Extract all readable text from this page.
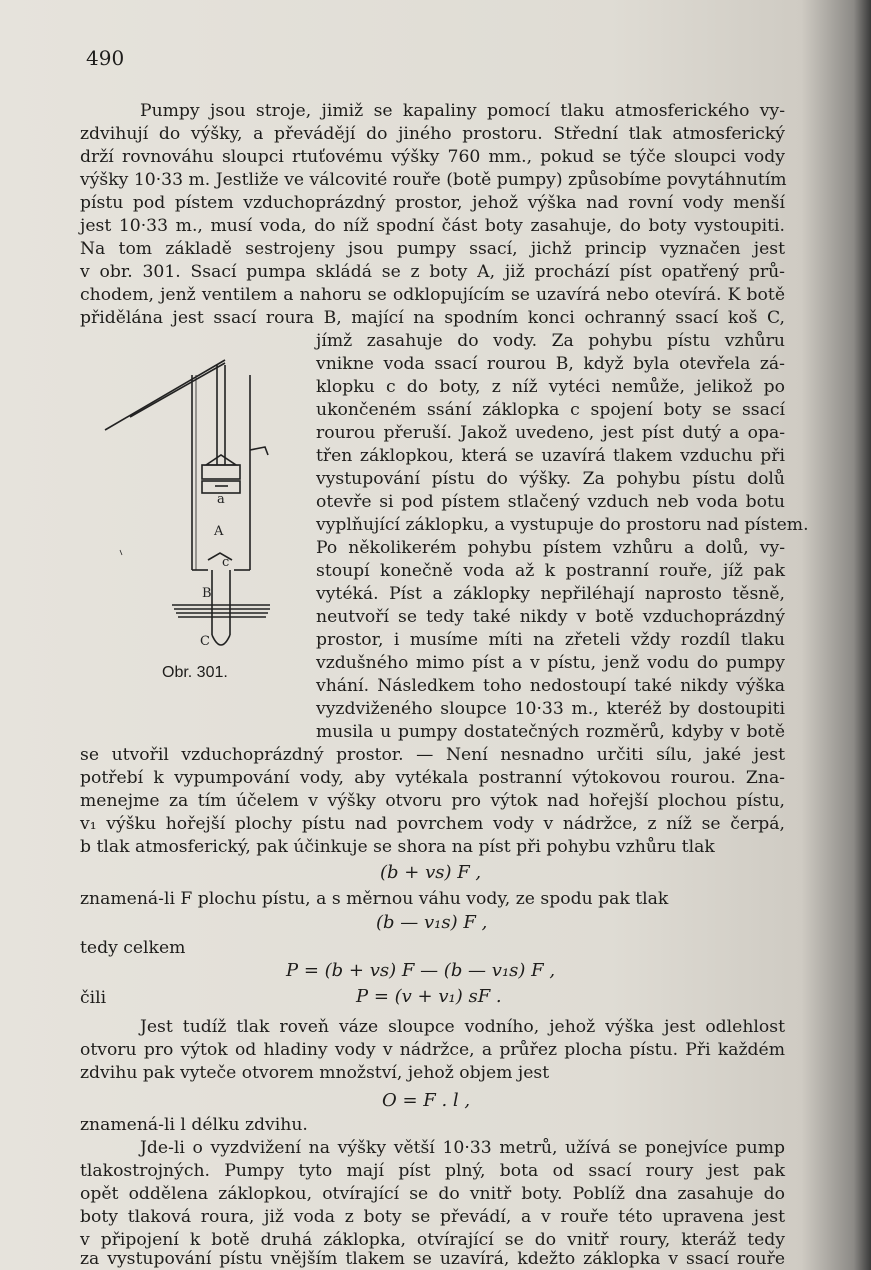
490
Pumpy jsou stroje, jimiž se kapaliny pomocí tlaku atmosferického vy-
zdvihují do výšky, a převádějí do jiného prostoru. Střední tlak atmosferický
drží rovnováhu sloupci rtuťovému výšky 760 mm., pokud se týče sloupci vody
výšky 10·33 m. Jestliže ve válcovité rouře (botě pumpy) způsobíme povytáhnutím
pístu pod pístem vzduchoprázdný prostor, jehož výška nad rovní vody menší
jest 10·33 m., musí voda, do níž spodní část boty zasahuje, do boty vystoupiti.
Na tom základě sestrojeny jsou pumpy ssací, jichž princip vyznačen jest
v obr. 301. Ssací pumpa skládá se z boty A, již prochází píst opatřený prů-
chodem, jenž ventilem a nahoru se odklopujícím se uzavírá nebo otevírá. K botě
přidělána jest ssací roura B, mající na spodním konci ochranný ssací koš C,
jímž zasahuje do vody. Za pohybu pístu vzhůru
vnikne voda ssací rourou B, když byla otevřela zá-
klopku c do boty, z níž vytéci nemůže, jelikož po
ukončeném ssání záklopka c spojení boty se ssací
rourou přeruší. Jakož uvedeno, jest píst dutý a opa-
třen záklopkou, která se uzavírá tlakem vzduchu při
vystupování pístu do výšky. Za pohybu pístu dolů
otevře si pod pístem stlačený vzduch neb voda botu
vyplňující záklopku, a vystupuje do prostoru nad pístem.
Po několikerém pohybu pístem vzhůru a dolů, vy-
stoupí konečně voda až k postranní rouře, jíž pak
vytéká. Píst a záklopky nepřiléhají naprosto těsně,
neutvoří se tedy také nikdy v botě vzduchoprázdný
prostor, i musíme míti na zřeteli vždy rozdíl tlaku
vzdušného mimo píst a v pístu, jenž vodu do pumpy
vhání. Následkem toho nedostoupí také nikdy výška
vyzdviženého sloupce 10·33 m., kteréž by dostoupiti
musila u pumpy dostatečných rozměrů, kdyby v botě
a
A
c
B
C
Obr. 301.
se utvořil vzduchoprázdný prostor. — Není nesnadno určiti sílu, jaké jest
potřebí k vypumpování vody, aby vytékala postranní výtokovou rourou. Zna-
menejme za tím účelem v výšky otvoru pro výtok nad hořejší plochou pístu,
v₁ výšku hořejší plochy pístu nad povrchem vody v nádržce, z níž se čerpá,
b tlak atmosferický, pak účinkuje se shora na píst při pohybu vzhůru tlak
(b + vs) F ,
znamená-li F plochu pístu, a s měrnou váhu vody, ze spodu pak tlak
(b — v₁s) F ,
tedy celkem
P = (b + vs) F — (b — v₁s) F ,
čili	P = (v + v₁) sF .
Jest tudíž tlak roveň váze sloupce vodního, jehož výška jest odlehlost
otvoru pro výtok od hladiny vody v nádržce, a průřez plocha pístu. Při každém
zdvihu pak vyteče otvorem množství, jehož objem jest
O = F . l ,
znamená-li l délku zdvihu.
Jde-li o vyzdvižení na výšky větší 10·33 metrů, užívá se ponejvíce pump
tlakostrojných. Pumpy tyto mají píst plný, bota od ssací roury jest pak
opět oddělena záklopkou, otvírající se do vnitř boty. Poblíž dna zasahuje do
boty tlaková roura, již voda z boty se převádí, a v rouře této upravena jest
v připojení k botě druhá záklopka, otvírající se do vnitř roury, kteráž tedy
za vystupování pístu vnějším tlakem se uzavírá, kdežto záklopka v ssací rouře
